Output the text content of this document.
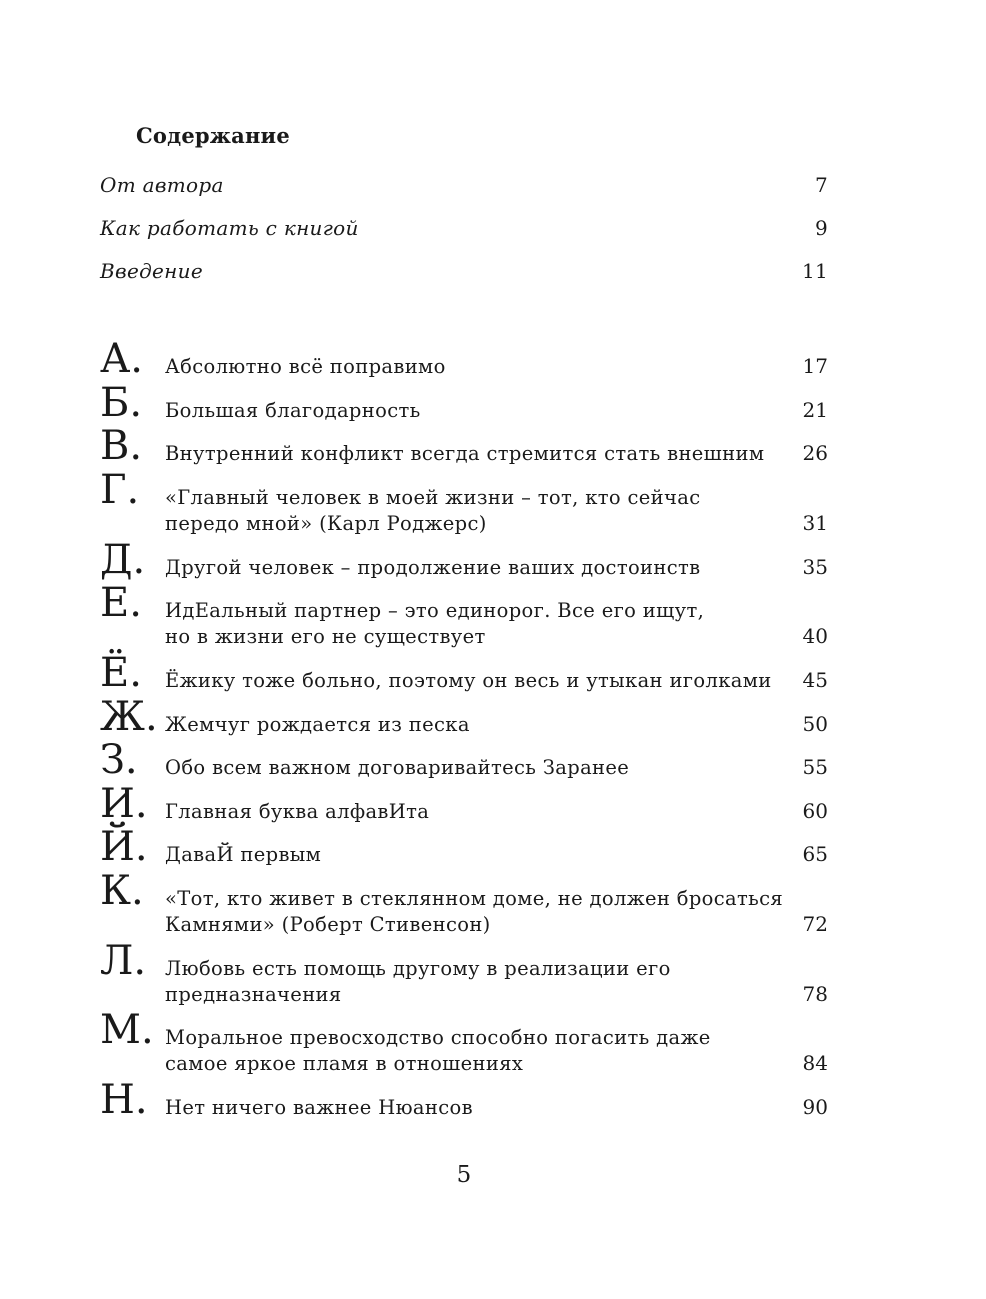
Содержание
От автора	7
Как работать с книгой	9
Введение	11
А. Абсолютно всё поправимо	17
Б. Большая благодарность	21
В. Внутренний конфликт всегда стремится стать внешним	26
Г. «Главный человек в моей жизни – тот, кто сейчас
передо мной» (Карл Роджерс)	31
Д. Другой человек – продолжение ваших достоинств	35
Е. ИдЕальный партнер – это единорог. Все его ищут,
но в жизни его не существует	40
Ё. Ёжику тоже больно, поэтому он весь и утыкан иголками	45
Ж. Жемчуг рождается из песка	50
З. Обо всем важном договаривайтесь Заранее	55
И. Главная буква алфавИта	60
Й. ДаваЙ первым	65
К. «Тот, кто живет в стеклянном доме, не должен бросаться
Камнями» (Роберт Стивенсон)	72
Л. Любовь есть помощь другому в реализации его
предназначения	78
М. Моральное превосходство способно погасить даже
самое яркое пламя в отношениях	84
Н. Нет ничего важнее Нюансов	90
5
